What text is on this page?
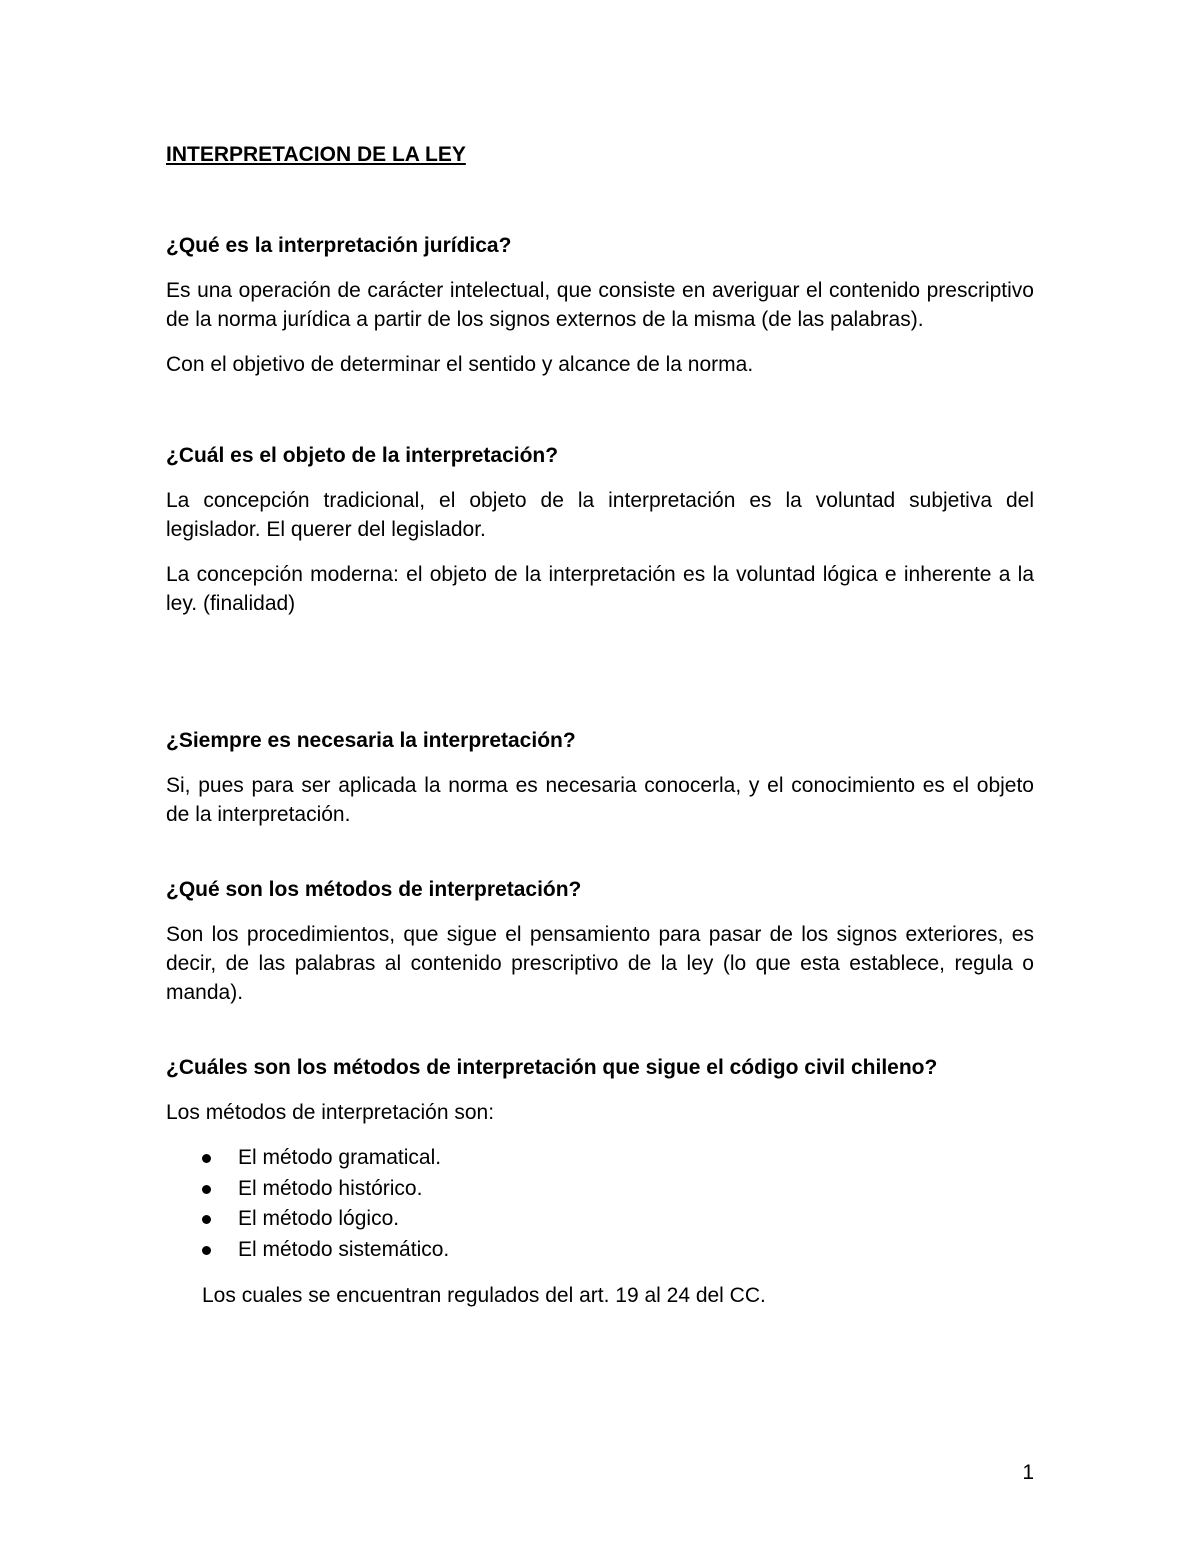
INTERPRETACION DE LA LEY
¿Qué es la interpretación jurídica?
Es una operación de carácter intelectual, que consiste en averiguar el contenido prescriptivo de la norma jurídica a partir de los signos externos de la misma (de las palabras).
Con el objetivo de determinar el sentido y alcance de la norma.
¿Cuál es el objeto de la interpretación?
La concepción tradicional, el objeto de la interpretación es la voluntad subjetiva del legislador. El querer del legislador.
La concepción moderna: el objeto de la interpretación es la voluntad lógica e inherente a la ley. (finalidad)
¿Siempre es necesaria la interpretación?
Si, pues para ser aplicada la norma es necesaria conocerla, y el conocimiento es el objeto de la interpretación.
¿Qué son los métodos de interpretación?
Son los procedimientos, que sigue el pensamiento para pasar de los signos exteriores, es decir, de las palabras al contenido prescriptivo de la ley (lo que esta establece, regula o manda).
¿Cuáles son los métodos de interpretación que sigue el código civil chileno?
Los métodos de interpretación son:
El método gramatical.
El método histórico.
El método lógico.
El método sistemático.
Los cuales se encuentran regulados del art. 19 al 24 del CC.
1
